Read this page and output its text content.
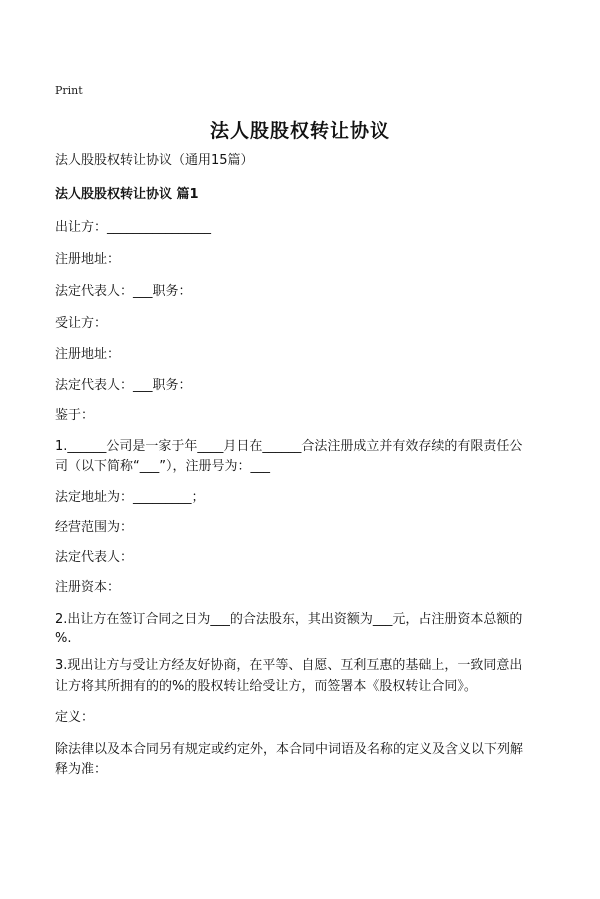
Print
法人股股权转让协议
法人股股权转让协议（通用15篇）
法人股股权转让协议 篇1
出让方：________________
注册地址：
法定代表人：___职务：
受让方：
注册地址：
法定代表人：___职务：
鉴于：
1.______公司是一家于年____月日在______合法注册成立并有效存续的有限责任公
司（以下简称“___”），注册号为：___
法定地址为：_________；
经营范围为：
法定代表人：
注册资本：
2.出让方在签订合同之日为___的合法股东，其出资额为___元，占注册资本总额的
%.
3.现出让方与受让方经友好协商，在平等、自愿、互利互惠的基础上，一致同意出
让方将其所拥有的的%的股权转让给受让方，而签署本《股权转让合同》。
定义：
除法律以及本合同另有规定或约定外，本合同中词语及名称的定义及含义以下列解
释为准：
